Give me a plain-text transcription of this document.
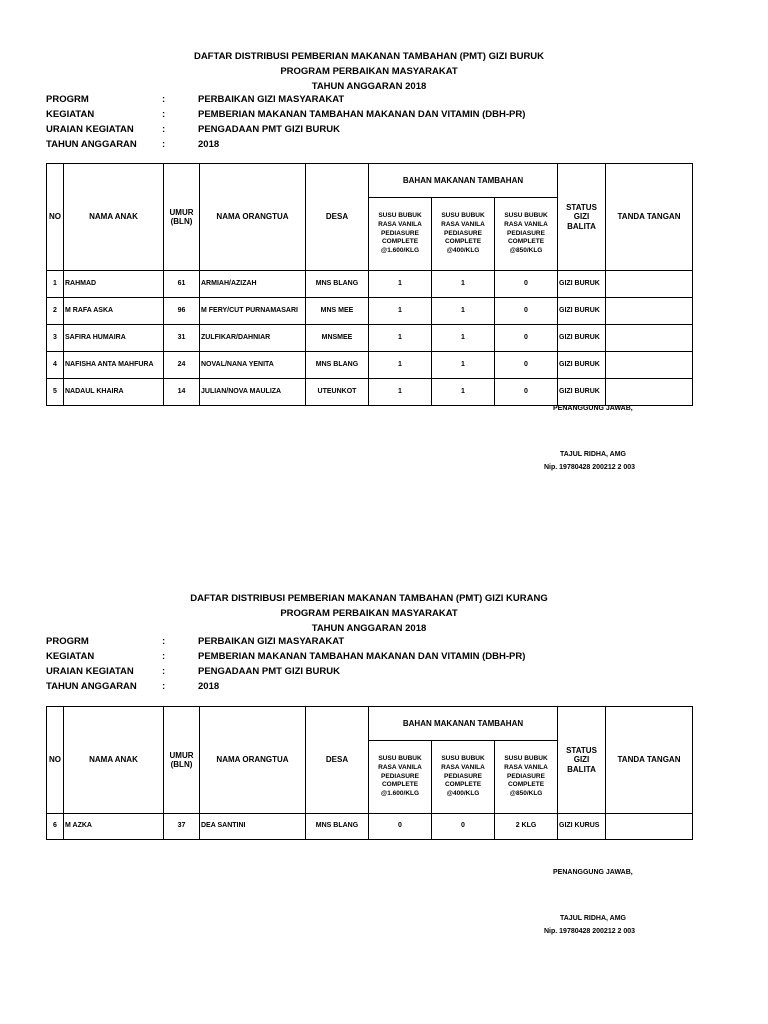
DAFTAR DISTRIBUSI PEMBERIAN MAKANAN TAMBAHAN (PMT) GIZI BURUK
PROGRAM PERBAIKAN MASYARAKAT
TAHUN ANGGARAN 2018
PROGRM	:	PERBAIKAN GIZI MASYARAKAT
KEGIATAN	:	PEMBERIAN MAKANAN TAMBAHAN MAKANAN DAN VITAMIN (DBH-PR)
URAIAN KEGIATAN	:	PENGADAAN PMT GIZI BURUK
TAHUN ANGGARAN	:	2018
NO	NAMA ANAK	UMUR (BLN)	NAMA ORANGTUA	DESA	BAHAN MAKANAN TAMBAHAN			STATUS GIZI BALITA	TANDA TANGAN
					SUSU BUBUK RASA VANILA PEDIASURE COMPLETE @1.600/KLG	SUSU BUBUK RASA VANILA PEDIASURE COMPLETE @400/KLG	SUSU BUBUK RASA VANILA PEDIASURE COMPLETE @850/KLG		
1	RAHMAD	61	ARMIAH/AZIZAH	MNS BLANG	1	1	0	GIZI BURUK	
2	M RAFA ASKA	96	M FERY/CUT PURNAMASARI	MNS MEE	1	1	0	GIZI BURUK	
3	SAFIRA HUMAIRA	31	ZULFIKAR/DAHNIAR	MNSMEE	1	1	0	GIZI BURUK	
4	NAFISHA ANTA MAHFURA	24	NOVAL/NANA YENITA	MNS BLANG	1	1	0	GIZI BURUK	
5	NADAUL KHAIRA	14	JULIAN/NOVA MAULIZA	UTEUNKOT	1	1	0	GIZI BURUK	
PENANGGUNG JAWAB,
TAJUL RIDHA, AMG
Nip. 19780428 200212 2 003
DAFTAR DISTRIBUSI PEMBERIAN MAKANAN TAMBAHAN (PMT) GIZI KURANG
PROGRAM PERBAIKAN MASYARAKAT
TAHUN ANGGARAN 2018
PROGRM	:	PERBAIKAN GIZI MASYARAKAT
KEGIATAN	:	PEMBERIAN MAKANAN TAMBAHAN MAKANAN DAN VITAMIN (DBH-PR)
URAIAN KEGIATAN	:	PENGADAAN PMT GIZI BURUK
TAHUN ANGGARAN	:	2018
NO	NAMA ANAK	UMUR (BLN)	NAMA ORANGTUA	DESA	BAHAN MAKANAN TAMBAHAN			STATUS GIZI BALITA	TANDA TANGAN
					SUSU BUBUK RASA VANILA PEDIASURE COMPLETE @1.600/KLG	SUSU BUBUK RASA VANILA PEDIASURE COMPLETE @400/KLG	SUSU BUBUK RASA VANILA PEDIASURE COMPLETE @850/KLG		
6	M AZKA	37	DEA SANTINI	MNS BLANG	0	0	2 KLG	GIZI KURUS	
PENANGGUNG JAWAB,
TAJUL RIDHA, AMG
Nip. 19780428 200212 2 003
